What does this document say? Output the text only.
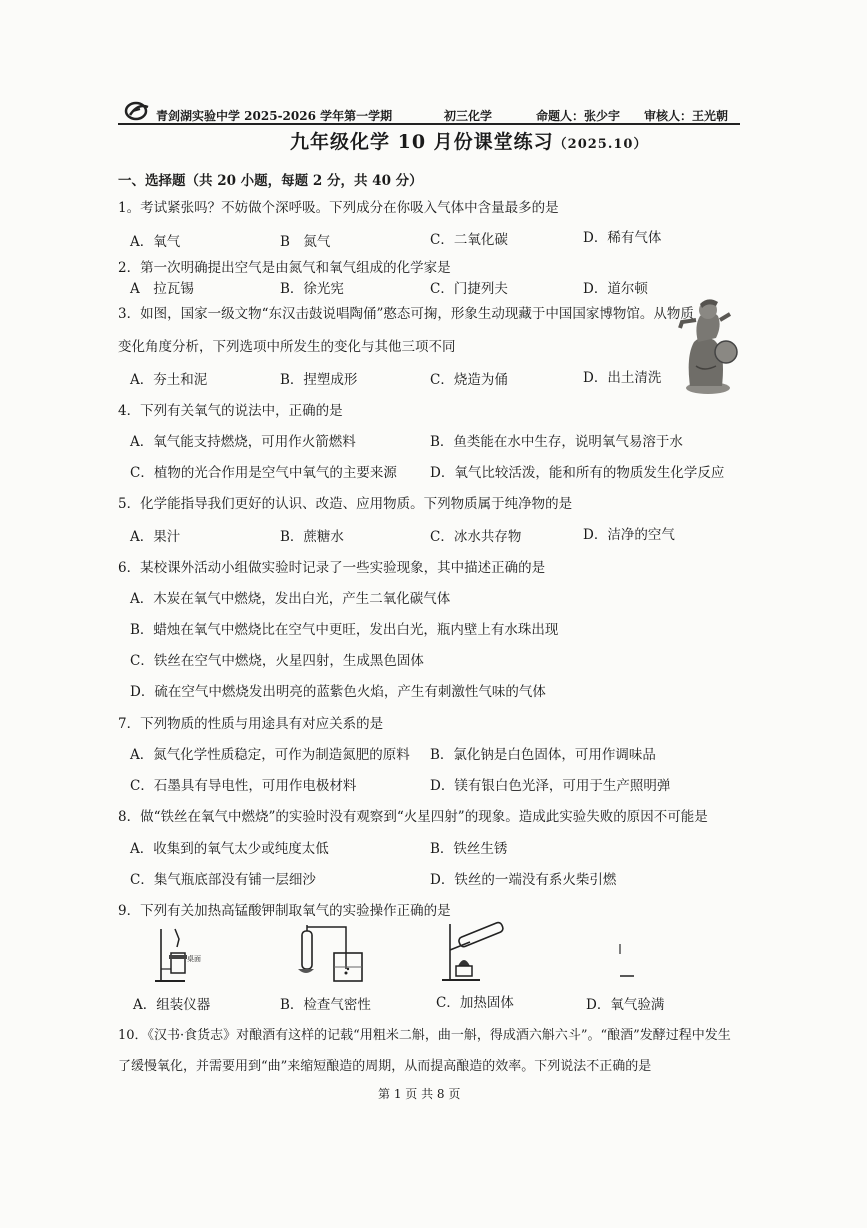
青剑湖实验中学 2025-2026 学年第一学期	初三化学	命题人：张少宇 审核人：王光朝
九年级化学 10 月份课堂练习（2025.10）
一、选择题（共 20 小题，每题 2 分，共 40 分）
1。考试紧张吗？不妨做个深呼吸。下列成分在你吸入气体中含量最多的是
A．氧气	B　氮气	C．二氧化碳	D．稀有气体
2．第一次明确提出空气是由氮气和氧气组成的化学家是
A　拉瓦锡	B．徐光宪	C．门捷列夫	D．道尔顿
3．如图，国家一级文物“东汉击鼓说唱陶俑”憨态可掬，形象生动现藏于中国国家博物馆。从物质
变化角度分析，下列选项中所发生的变化与其他三项不同
A．夯土和泥	B．捏塑成形	C．烧造为俑	D．出土清洗
4．下列有关氧气的说法中，正确的是
A．氧气能支持燃烧，可用作火箭燃料	B．鱼类能在水中生存，说明氧气易溶于水
C．植物的光合作用是空气中氧气的主要来源 D．氧气比较活泼，能和所有的物质发生化学反应
5．化学能指导我们更好的认识、改造、应用物质。下列物质属于纯净物的是
A．果汁	B．蔗糖水	C．冰水共存物	D．洁净的空气
6．某校课外活动小组做实验时记录了一些实验现象，其中描述正确的是
A．木炭在氧气中燃烧，发出白光，产生二氧化碳气体
B．蜡烛在氧气中燃烧比在空气中更旺，发出白光，瓶内壁上有水珠出现
C．铁丝在空气中燃烧，火星四射，生成黑色固体
D．硫在空气中燃烧发出明亮的蓝紫色火焰，产生有刺激性气味的气体
7．下列物质的性质与用途具有对应关系的是
A．氮气化学性质稳定，可作为制造氮肥的原料 B．氯化钠是白色固体，可用作调味品
C．石墨具有导电性，可用作电极材料	D．镁有银白色光泽，可用于生产照明弹
8．做“铁丝在氧气中燃烧”的实验时没有观察到“火星四射”的现象。造成此实验失败的原因不可能是
A．收集到的氧气太少或纯度太低	B．铁丝生锈
C．集气瓶底部没有铺一层细沙	D．铁丝的一端没有系火柴引燃
9．下列有关加热高锰酸钾制取氧气的实验操作正确的是
桌面
A．组装仪器	B．检查气密性	C．加热固体	D．氧气验满
10．《汉书·食货志》对酿酒有这样的记载“用粗米二斛，曲一斛，得成酒六斛六斗”。“酿酒”发酵过程中发生
了缓慢氧化，并需要用到“曲”来缩短酿造的周期，从而提高酿造的效率。下列说法不正确的是
第 1 页 共 8 页
